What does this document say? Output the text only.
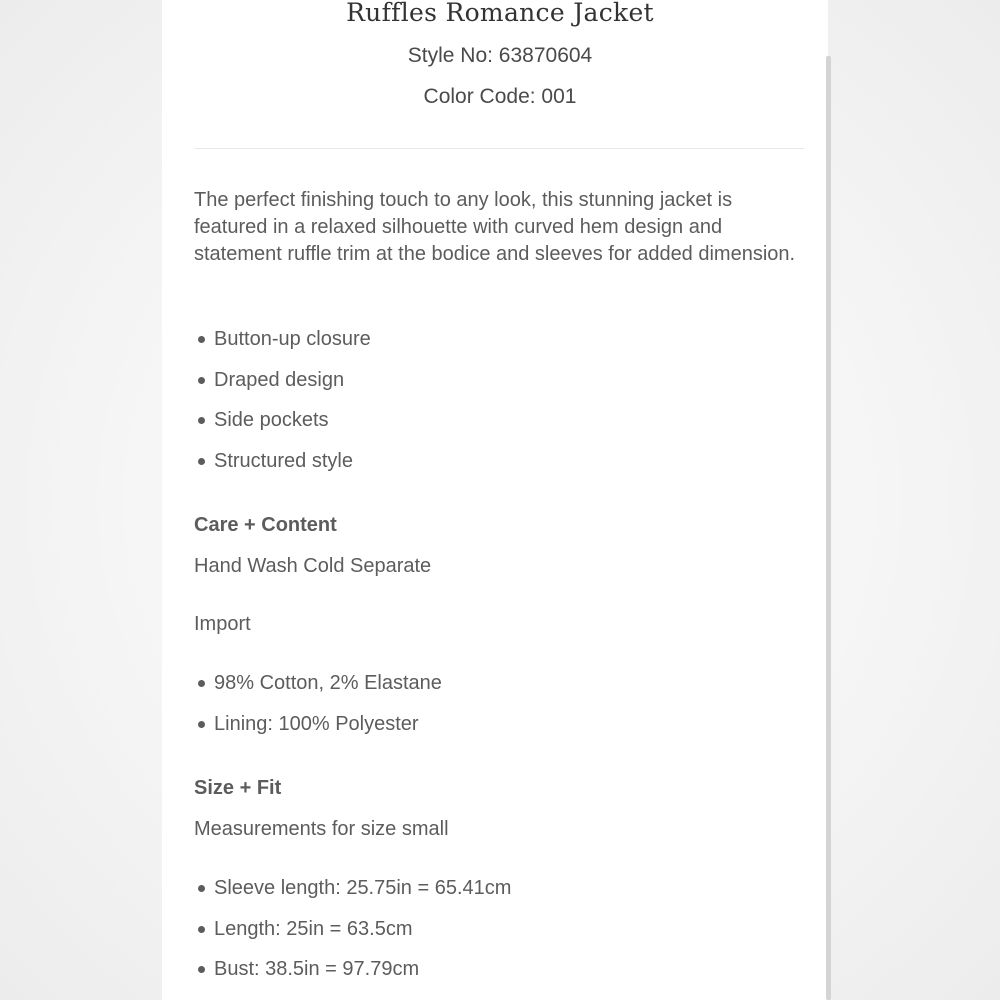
Ruffles Romance Jacket
Style No: 63870604
Color Code: 001
The perfect finishing touch to any look, this stunning jacket is featured in a relaxed silhouette with curved hem design and statement ruffle trim at the bodice and sleeves for added dimension.
Button-up closure
Draped design
Side pockets
Structured style
Care + Content
Hand Wash Cold Separate
Import
98% Cotton, 2% Elastane
Lining: 100% Polyester
Size + Fit
Measurements for size small
Sleeve length: 25.75in = 65.41cm
Length: 25in = 63.5cm
Bust: 38.5in = 97.79cm
